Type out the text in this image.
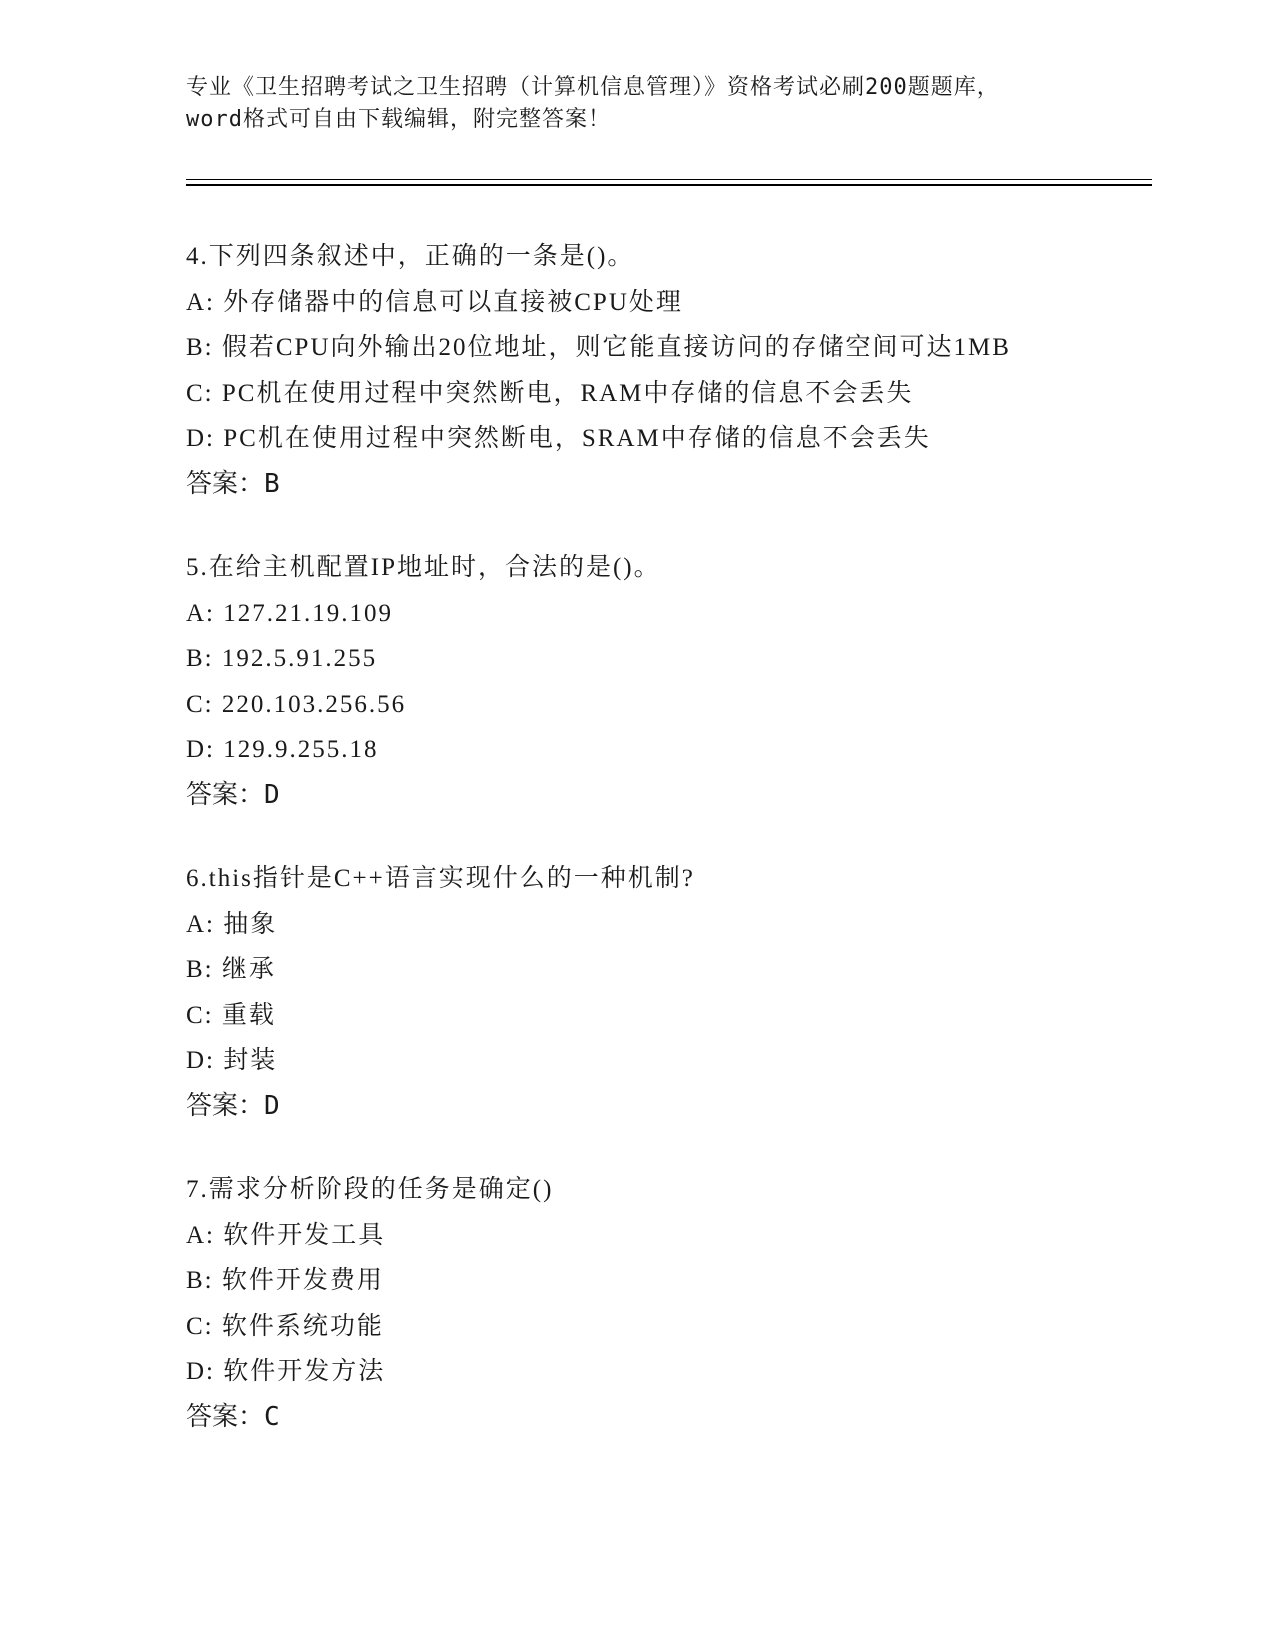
专业《卫生招聘考试之卫生招聘（计算机信息管理）》资格考试必刷200题题库，
word格式可自由下载编辑，附完整答案！
4.下列四条叙述中，正确的一条是()。
A: 外存储器中的信息可以直接被CPU处理
B: 假若CPU向外输出20位地址，则它能直接访问的存储空间可达1MB
C: PC机在使用过程中突然断电，RAM中存储的信息不会丢失
D: PC机在使用过程中突然断电，SRAM中存储的信息不会丢失
答案：B
5.在给主机配置IP地址时，合法的是()。
A: 127.21.19.109
B: 192.5.91.255
C: 220.103.256.56
D: 129.9.255.18
答案：D
6.this指针是C++语言实现什么的一种机制?
A: 抽象
B: 继承
C: 重载
D: 封装
答案：D
7.需求分析阶段的任务是确定()
A: 软件开发工具
B: 软件开发费用
C: 软件系统功能
D: 软件开发方法
答案：C
